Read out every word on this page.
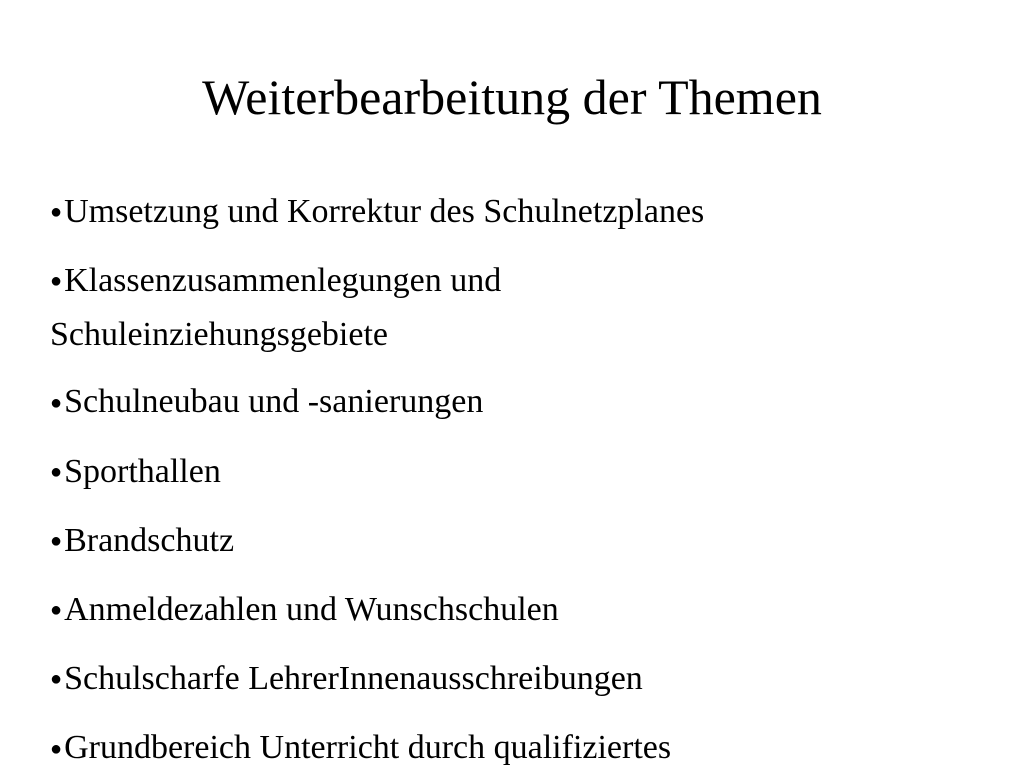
Weiterbearbeitung der Themen
●Umsetzung und Korrektur des Schulnetzplanes
●Klassenzusammenlegungen und Schuleinziehungsgebiete
●Schulneubau und -sanierungen
●Sporthallen
●Brandschutz
●Anmeldezahlen und Wunschschulen
●Schulscharfe LehrerInnenausschreibungen
●Grundbereich Unterricht durch qualifiziertes
